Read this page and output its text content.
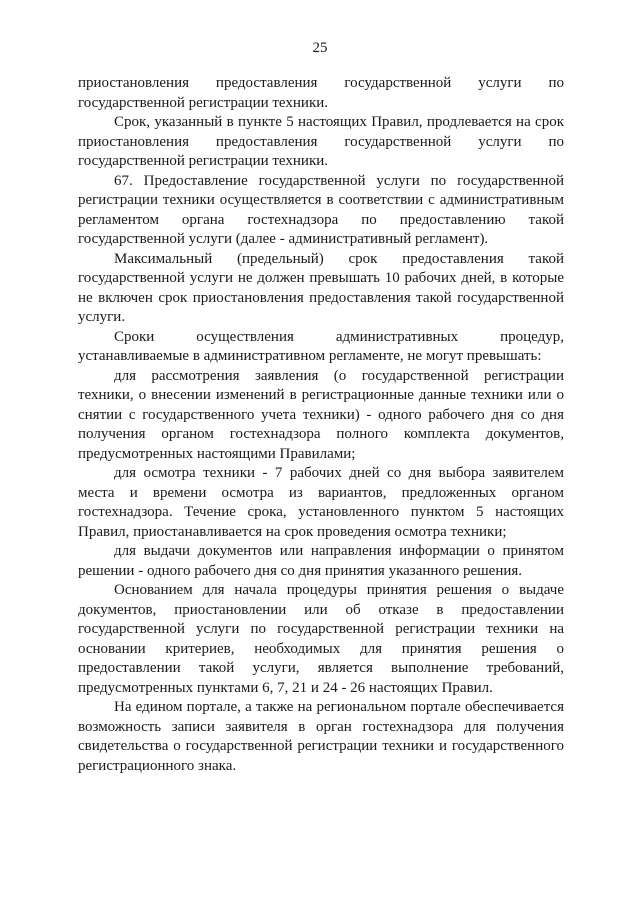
25

приостановления предоставления государственной услуги по государственной регистрации техники.

Срок, указанный в пункте 5 настоящих Правил, продлевается на срок приостановления предоставления государственной услуги по государственной регистрации техники.

67. Предоставление государственной услуги по государственной регистрации техники осуществляется в соответствии с административным регламентом органа гостехнадзора по предоставлению такой государственной услуги (далее - административный регламент).

Максимальный (предельный) срок предоставления такой государственной услуги не должен превышать 10 рабочих дней, в которые не включен срок приостановления предоставления такой государственной услуги.

Сроки осуществления административных процедур, устанавливаемые в административном регламенте, не могут превышать:

для рассмотрения заявления (о государственной регистрации техники, о внесении изменений в регистрационные данные техники или о снятии с государственного учета техники) - одного рабочего дня со дня получения органом гостехнадзора полного комплекта документов, предусмотренных настоящими Правилами;

для осмотра техники - 7 рабочих дней со дня выбора заявителем места и времени осмотра из вариантов, предложенных органом гостехнадзора. Течение срока, установленного пунктом 5 настоящих Правил, приостанавливается на срок проведения осмотра техники;

для выдачи документов или направления информации о принятом решении - одного рабочего дня со дня принятия указанного решения.

Основанием для начала процедуры принятия решения о выдаче документов, приостановлении или об отказе в предоставлении государственной услуги по государственной регистрации техники на основании критериев, необходимых для принятия решения о предоставлении такой услуги, является выполнение требований, предусмотренных пунктами 6, 7, 21 и 24 - 26 настоящих Правил.

На едином портале, а также на региональном портале обеспечивается возможность записи заявителя в орган гостехнадзора для получения свидетельства о государственной регистрации техники и государственного регистрационного знака.
